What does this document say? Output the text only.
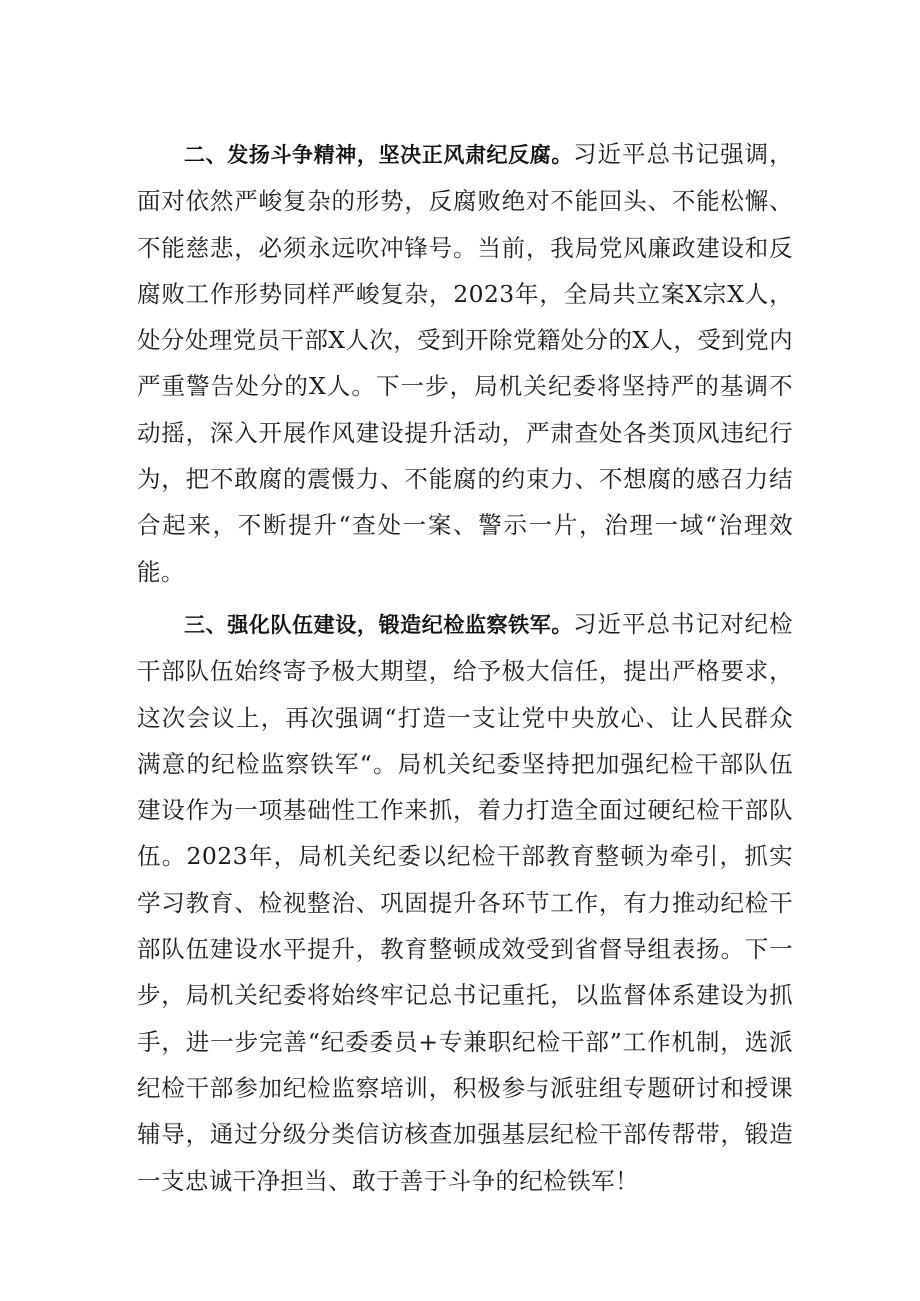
二、发扬斗争精神，坚决正风肃纪反腐。习近平总书记强调，面对依然严峻复杂的形势，反腐败绝对不能回头、不能松懈、不能慈悲，必须永远吹冲锋号。当前，我局党风廉政建设和反腐败工作形势同样严峻复杂，2023年，全局共立案X宗X人，处分处理党员干部X人次，受到开除党籍处分的X人，受到党内严重警告处分的X人。下一步，局机关纪委将坚持严的基调不动摇，深入开展作风建设提升活动，严肃查处各类顶风违纪行为，把不敢腐的震慑力、不能腐的约束力、不想腐的感召力结合起来，不断提升“查处一案、警示一片，治理一域“治理效能。

三、强化队伍建设，锻造纪检监察铁军。习近平总书记对纪检干部队伍始终寄予极大期望，给予极大信任，提出严格要求，这次会议上，再次强调“打造一支让党中央放心、让人民群众满意的纪检监察铁军“。局机关纪委坚持把加强纪检干部队伍建设作为一项基础性工作来抓，着力打造全面过硬纪检干部队伍。2023年，局机关纪委以纪检干部教育整顿为牵引，抓实学习教育、检视整治、巩固提升各环节工作，有力推动纪检干部队伍建设水平提升，教育整顿成效受到省督导组表扬。下一步，局机关纪委将始终牢记总书记重托，以监督体系建设为抓手，进一步完善“纪委委员+专兼职纪检干部”工作机制，选派纪检干部参加纪检监察培训，积极参与派驻组专题研讨和授课辅导，通过分级分类信访核查加强基层纪检干部传帮带，锻造一支忠诚干净担当、敢于善于斗争的纪检铁军！
